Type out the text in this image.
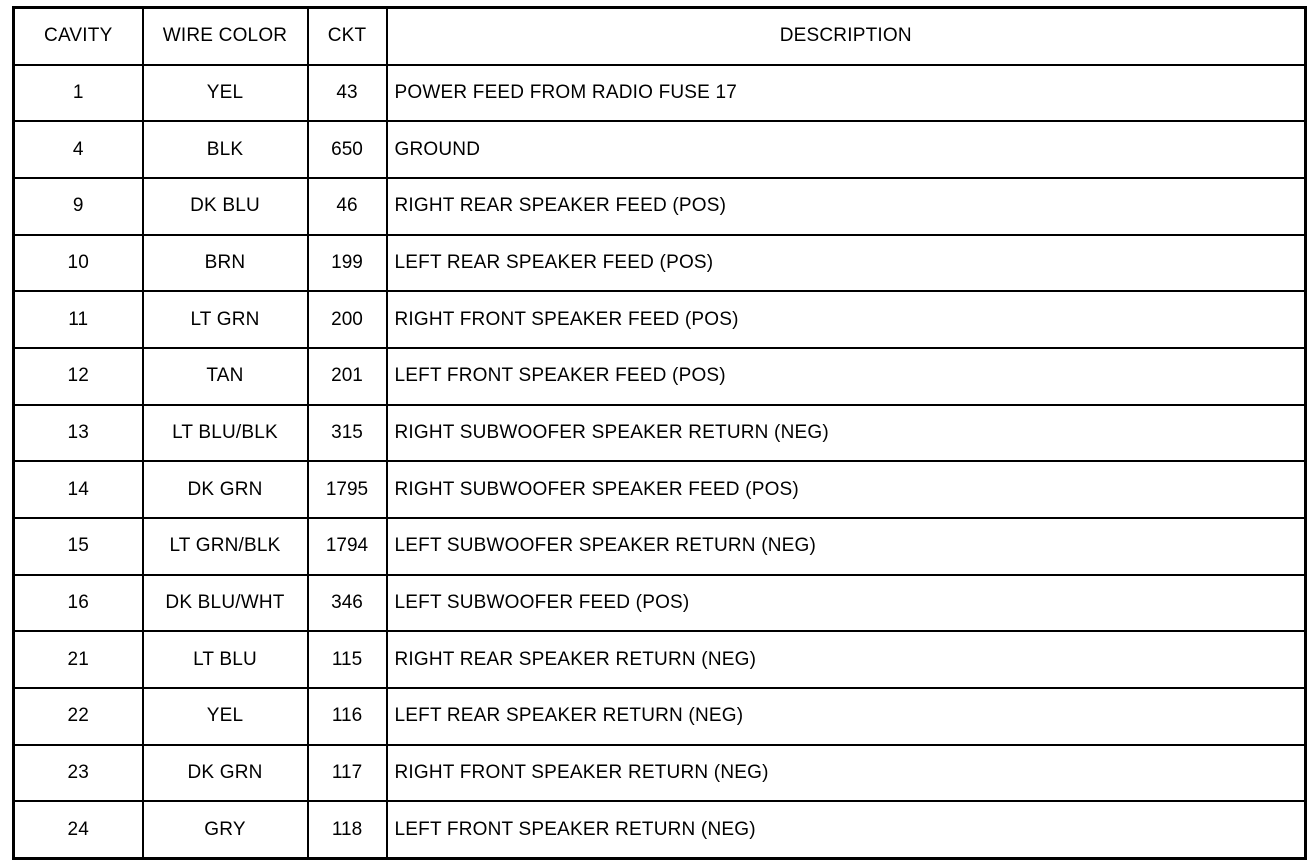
CAVITY	WIRE COLOR	CKT	DESCRIPTION
1	YEL	43	POWER FEED FROM RADIO FUSE 17
4	BLK	650	GROUND
9	DK BLU	46	RIGHT REAR SPEAKER FEED (POS)
10	BRN	199	LEFT REAR SPEAKER FEED (POS)
11	LT GRN	200	RIGHT FRONT SPEAKER FEED (POS)
12	TAN	201	LEFT FRONT SPEAKER FEED (POS)
13	LT BLU/BLK	315	RIGHT SUBWOOFER SPEAKER RETURN (NEG)
14	DK GRN	1795	RIGHT SUBWOOFER SPEAKER FEED (POS)
15	LT GRN/BLK	1794	LEFT SUBWOOFER SPEAKER RETURN (NEG)
16	DK BLU/WHT	346	LEFT SUBWOOFER FEED (POS)
21	LT BLU	115	RIGHT REAR SPEAKER RETURN (NEG)
22	YEL	116	LEFT REAR SPEAKER RETURN (NEG)
23	DK GRN	117	RIGHT FRONT SPEAKER RETURN (NEG)
24	GRY	118	LEFT FRONT SPEAKER RETURN (NEG)
